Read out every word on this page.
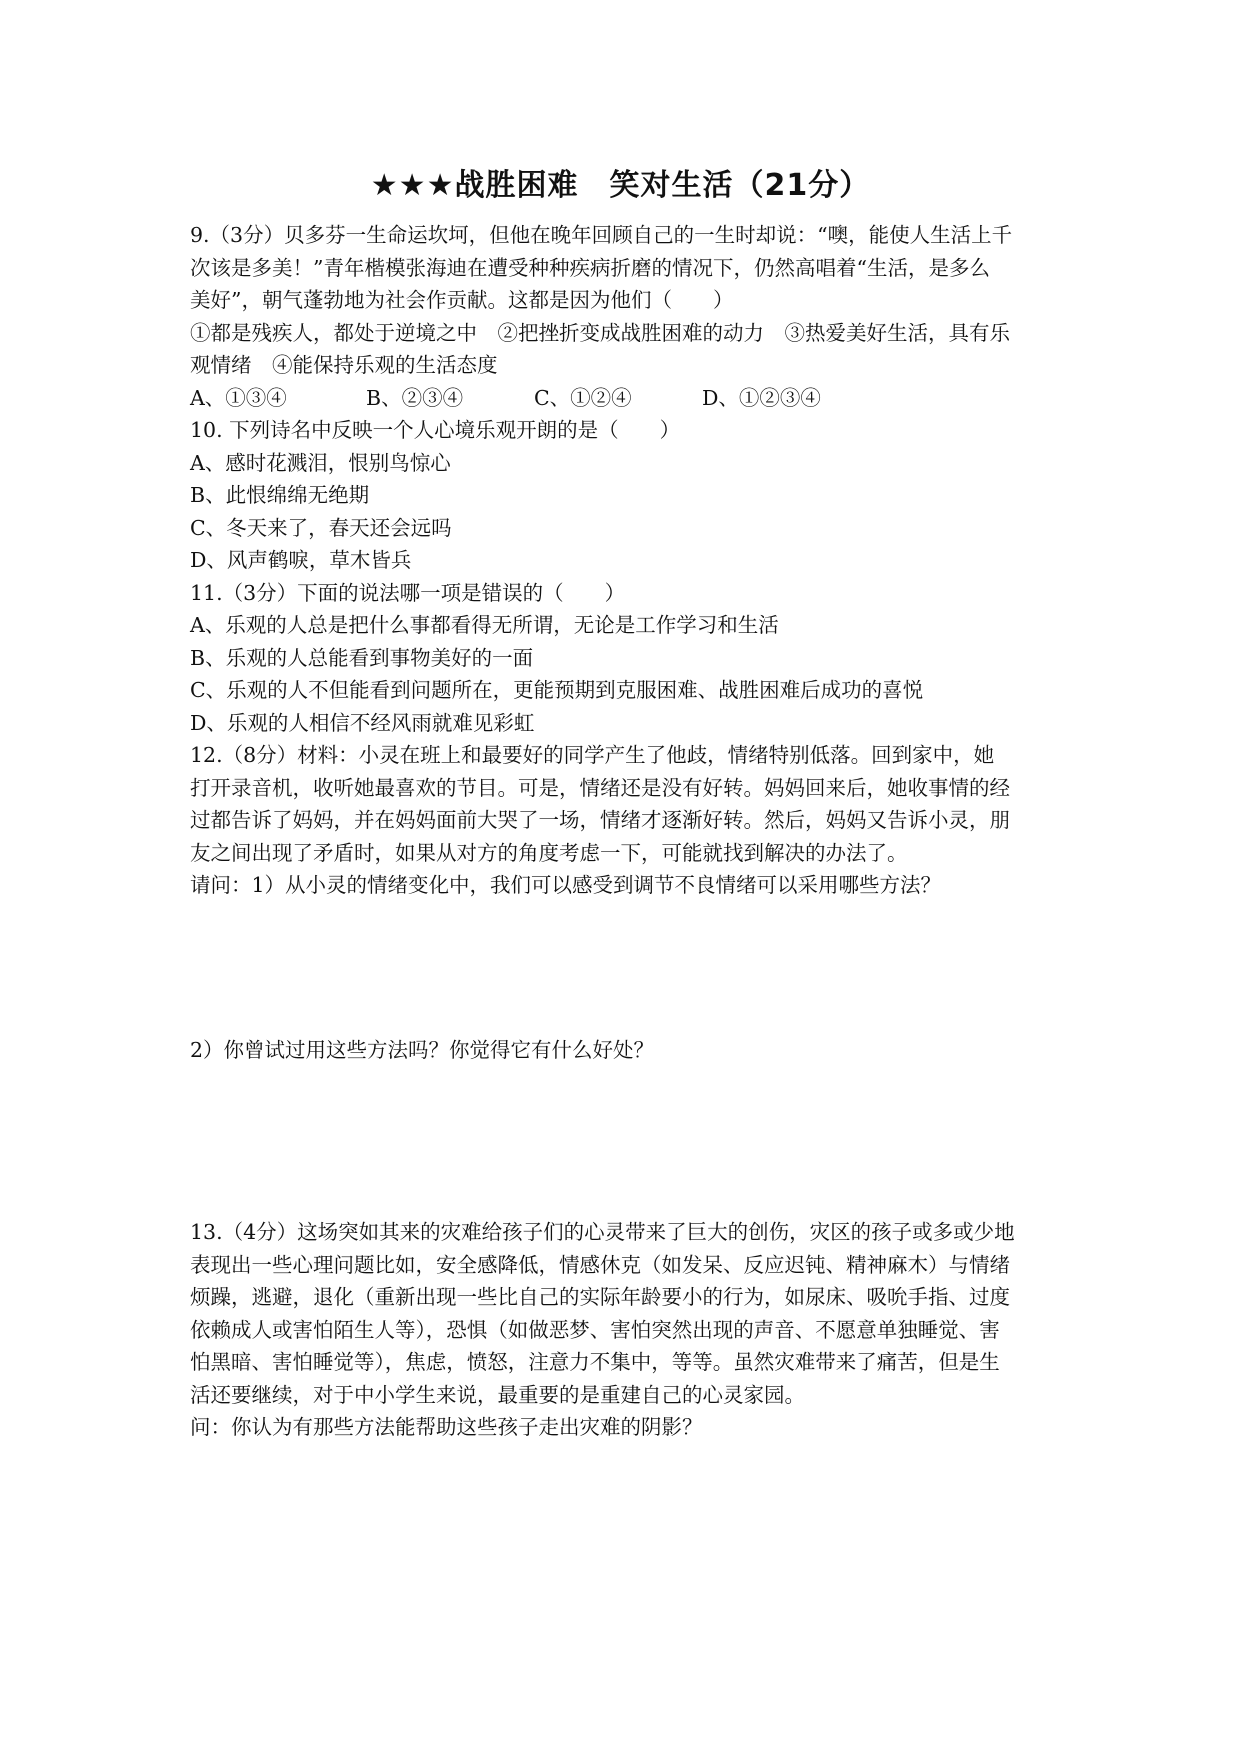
★★★战胜困难　笑对生活（21分）

9.（3分）贝多芬一生命运坎坷，但他在晚年回顾自己的一生时却说：“噢，能使人生活上千

次该是多美！”青年楷模张海迪在遭受种种疾病折磨的情况下，仍然高唱着“生活，是多么

美好”，朝气蓬勃地为社会作贡献。这都是因为他们（　　）

①都是残疾人，都处于逆境之中　②把挫折变成战胜困难的动力　③热爱美好生活，具有乐

观情绪　④能保持乐观的生活态度

A、①③④	B、②③④	C、①②④	D、①②③④

10. 下列诗名中反映一个人心境乐观开朗的是（　　）

A、感时花溅泪，恨别鸟惊心

B、此恨绵绵无绝期

C、冬天来了，春天还会远吗

D、风声鹤唳，草木皆兵

11.（3分）下面的说法哪一项是错误的（　　）

A、乐观的人总是把什么事都看得无所谓，无论是工作学习和生活

B、乐观的人总能看到事物美好的一面

C、乐观的人不但能看到问题所在，更能预期到克服困难、战胜困难后成功的喜悦

D、乐观的人相信不经风雨就难见彩虹

12.（8分）材料：小灵在班上和最要好的同学产生了他歧，情绪特别低落。回到家中，她

打开录音机，收听她最喜欢的节目。可是，情绪还是没有好转。妈妈回来后，她收事情的经

过都告诉了妈妈，并在妈妈面前大哭了一场，情绪才逐渐好转。然后，妈妈又告诉小灵，朋

友之间出现了矛盾时，如果从对方的角度考虑一下，可能就找到解决的办法了。

请问：1）从小灵的情绪变化中，我们可以感受到调节不良情绪可以采用哪些方法？

2）你曾试过用这些方法吗？你觉得它有什么好处？

13.（4分）这场突如其来的灾难给孩子们的心灵带来了巨大的创伤，灾区的孩子或多或少地

表现出一些心理问题比如，安全感降低，情感休克（如发呆、反应迟钝、精神麻木）与情绪

烦躁，逃避，退化（重新出现一些比自己的实际年龄要小的行为，如尿床、吸吮手指、过度

依赖成人或害怕陌生人等），恐惧（如做恶梦、害怕突然出现的声音、不愿意单独睡觉、害

怕黑暗、害怕睡觉等），焦虑，愤怒，注意力不集中，等等。虽然灾难带来了痛苦，但是生

活还要继续，对于中小学生来说，最重要的是重建自己的心灵家园。

问：你认为有那些方法能帮助这些孩子走出灾难的阴影？
